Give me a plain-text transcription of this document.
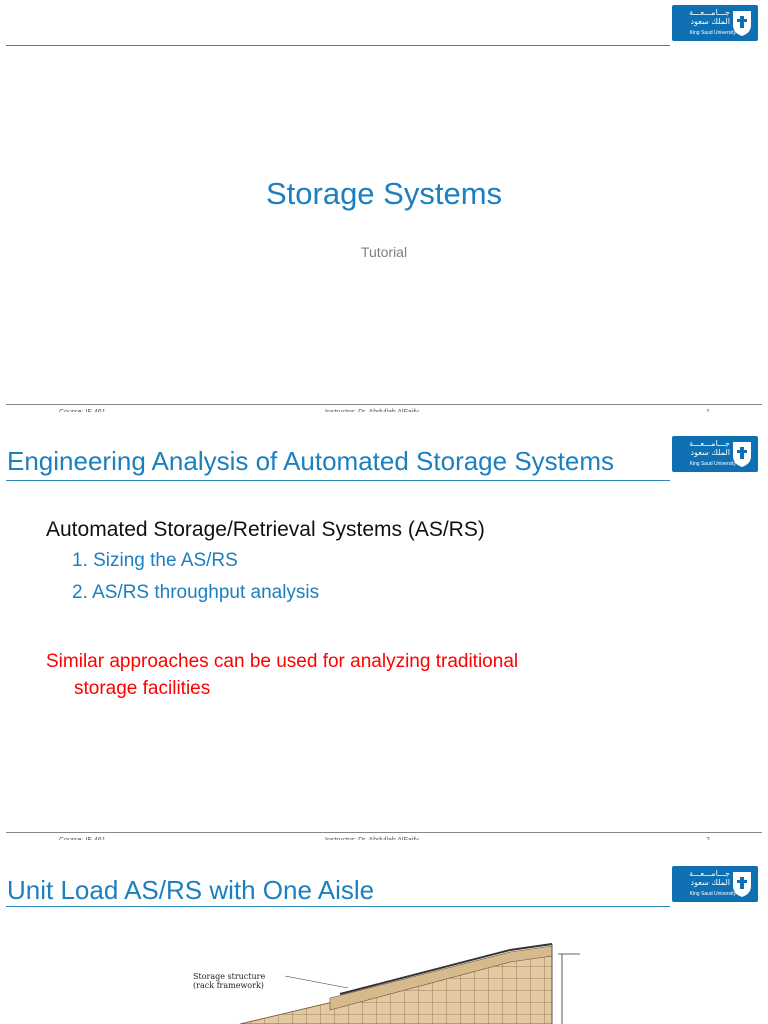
جـــامـــعـــة
الملك سعود
King Saud University
Storage Systems
Tutorial
Engineering Analysis of Automated Storage Systems
جـــامـــعـــة
الملك سعود
King Saud University
Automated Storage/Retrieval Systems (AS/RS)
1. Sizing the AS/RS
2. AS/RS throughput analysis
Similar approaches can be used for analyzing traditional
storage facilities
Unit Load AS/RS with One Aisle
جـــامـــعـــة
الملك سعود
King Saud University
Storage structure
(rack framework)
